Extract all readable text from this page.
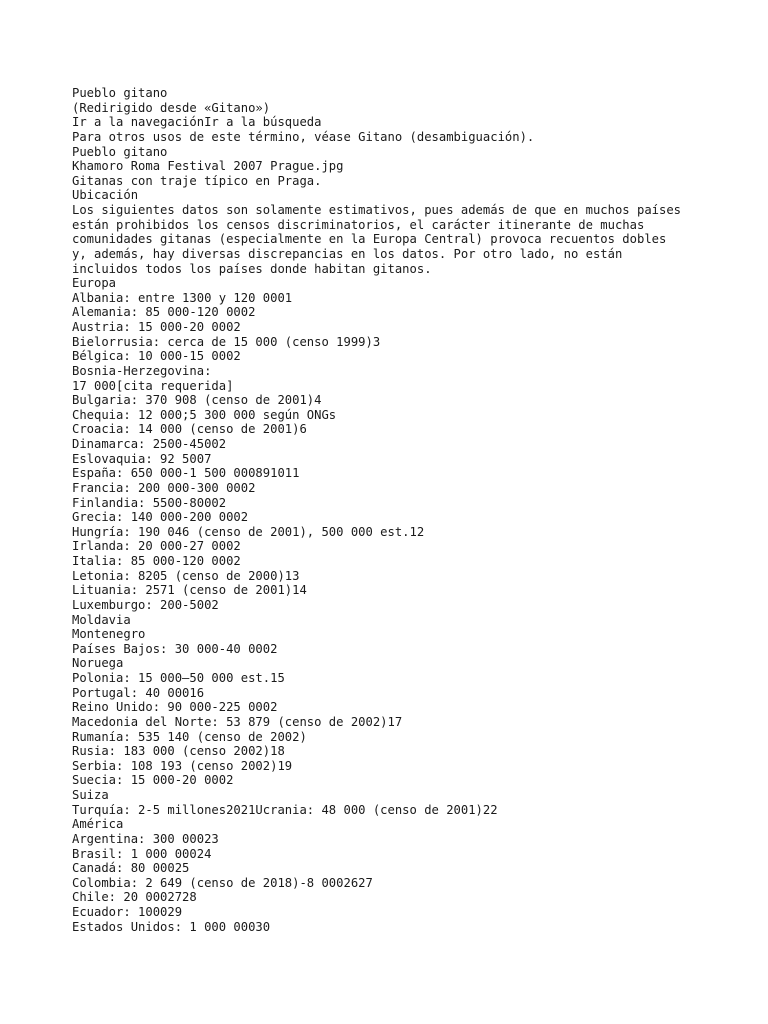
Pueblo gitano
(Redirigido desde «Gitano»)
Ir a la navegaciónIr a la búsqueda
Para otros usos de este término, véase Gitano (desambiguación).
Pueblo gitano
Khamoro Roma Festival 2007 Prague.jpg
Gitanas con traje típico en Praga.
Ubicación
Los siguientes datos son solamente estimativos, pues además de que en muchos países
están prohibidos los censos discriminatorios, el carácter itinerante de muchas
comunidades gitanas (especialmente en la Europa Central) provoca recuentos dobles
y, además, hay diversas discrepancias en los datos. Por otro lado, no están
incluidos todos los países donde habitan gitanos.
Europa
Albania: entre 1300 y 120 0001
Alemania: 85 000-120 0002
Austria: 15 000-20 0002
Bielorrusia: cerca de 15 000 (censo 1999)3
Bélgica: 10 000-15 0002
Bosnia-Herzegovina:
17 000[cita requerida]
Bulgaria: 370 908 (censo de 2001)4
Chequia: 12 000;5 300 000 según ONGs
Croacia: 14 000 (censo de 2001)6
Dinamarca: 2500-45002
Eslovaquia: 92 5007
España: 650 000-1 500 000891011
Francia: 200 000-300 0002
Finlandia: 5500-80002
Grecia: 140 000-200 0002
Hungría: 190 046 (censo de 2001), 500 000 est.12
Irlanda: 20 000-27 0002
Italia: 85 000-120 0002
Letonia: 8205 (censo de 2000)13
Lituania: 2571 (censo de 2001)14
Luxemburgo: 200-5002
Moldavia
Montenegro
Países Bajos: 30 000-40 0002
Noruega
Polonia: 15 000–50 000 est.15
Portugal: 40 00016
Reino Unido: 90 000-225 0002
Macedonia del Norte: 53 879 (censo de 2002)17
Rumanía: 535 140 (censo de 2002)
Rusia: 183 000 (censo 2002)18
Serbia: 108 193 (censo 2002)19
Suecia: 15 000-20 0002
Suiza
Turquía: 2-5 millones2021Ucrania: 48 000 (censo de 2001)22
América
Argentina: 300 00023
Brasil: 1 000 00024
Canadá: 80 00025
Colombia: 2 649 (censo de 2018)-8 0002627
Chile: 20 0002728
Ecuador: 100029
Estados Unidos: 1 000 00030
